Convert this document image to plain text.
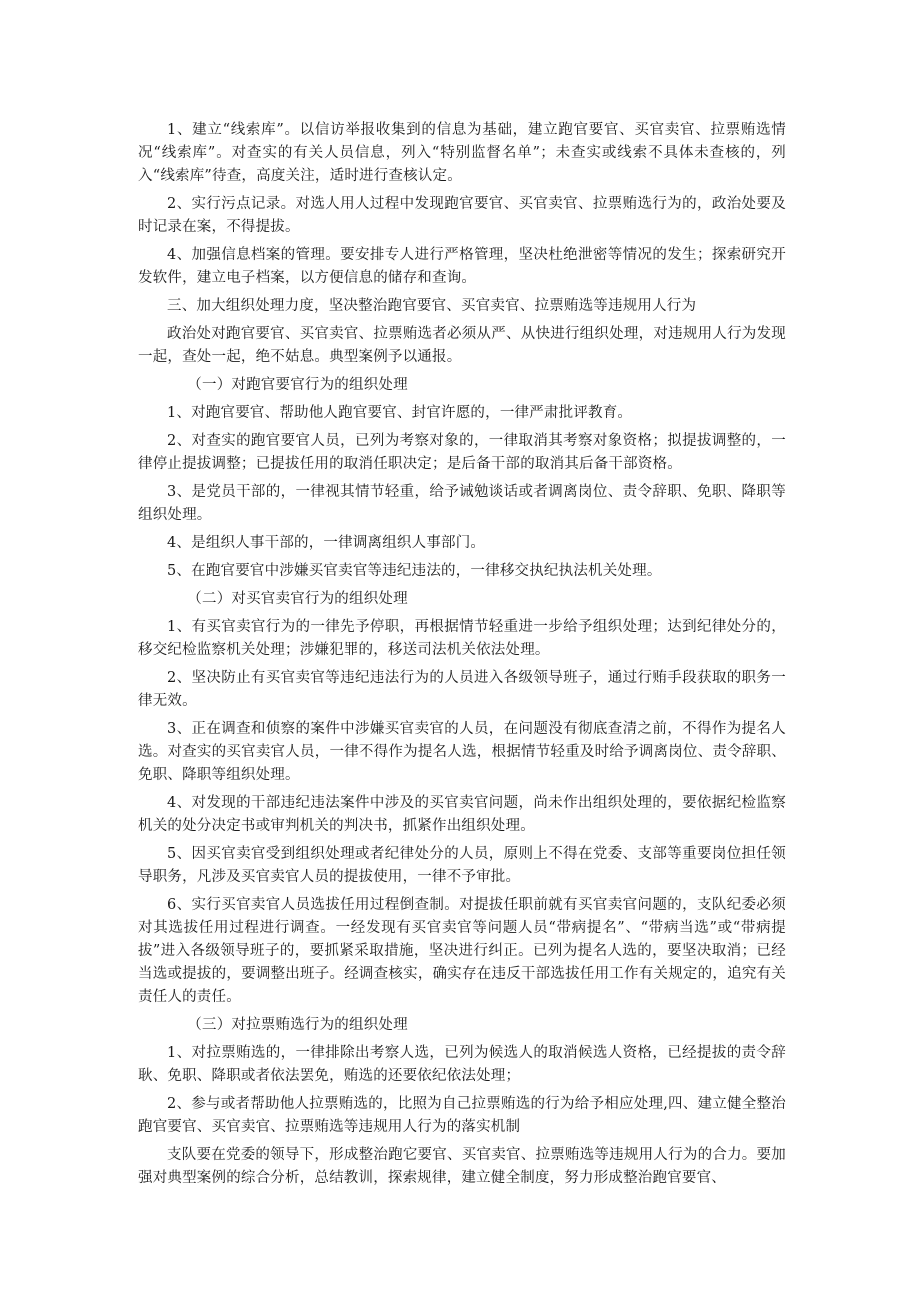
1、建立“线索库”。以信访举报收集到的信息为基础，建立跑官要官、买官卖官、拉票贿选情况“线索库”。对查实的有关人员信息，列入“特别监督名单”；未查实或线索不具体未查核的，列入“线索库”待查，高度关注，适时进行查核认定。

2、实行污点记录。对选人用人过程中发现跑官要官、买官卖官、拉票贿选行为的，政治处要及时记录在案，不得提拔。

4、加强信息档案的管理。要安排专人进行严格管理，坚决杜绝泄密等情况的发生；探索研究开发软件，建立电子档案，以方便信息的储存和查询。

三、加大组织处理力度，坚决整治跑官要官、买官卖官、拉票贿选等违规用人行为

政治处对跑官要官、买官卖官、拉票贿选者必须从严、从快进行组织处理，对违规用人行为发现一起，查处一起，绝不姑息。典型案例予以通报。

（一）对跑官要官行为的组织处理

1、对跑官要官、帮助他人跑官要官、封官许愿的，一律严肃批评教育。

2、对查实的跑官要官人员，已列为考察对象的，一律取消其考察对象资格；拟提拔调整的，一律停止提拔调整；已提拔任用的取消任职决定；是后备干部的取消其后备干部资格。

3、是党员干部的，一律视其情节轻重，给予诫勉谈话或者调离岗位、责令辞职、免职、降职等组织处理。

4、是组织人事干部的，一律调离组织人事部门。

5、在跑官要官中涉嫌买官卖官等违纪违法的，一律移交执纪执法机关处理。

（二）对买官卖官行为的组织处理

1、有买官卖官行为的一律先予停职，再根据情节轻重进一步给予组织处理；达到纪律处分的，移交纪检监察机关处理；涉嫌犯罪的，移送司法机关依法处理。

2、坚决防止有买官卖官等违纪违法行为的人员进入各级领导班子，通过行贿手段获取的职务一律无效。

3、正在调查和侦察的案件中涉嫌买官卖官的人员，在问题没有彻底查清之前，不得作为提名人选。对查实的买官卖官人员，一律不得作为提名人选，根据情节轻重及时给予调离岗位、责令辞职、免职、降职等组织处理。

4、对发现的干部违纪违法案件中涉及的买官卖官问题，尚未作出组织处理的，要依据纪检监察机关的处分决定书或审判机关的判决书，抓紧作出组织处理。

5、因买官卖官受到组织处理或者纪律处分的人员，原则上不得在党委、支部等重要岗位担任领导职务，凡涉及买官卖官人员的提拔使用，一律不予审批。

6、实行买官卖官人员选拔任用过程倒查制。对提拔任职前就有买官卖官问题的，支队纪委必须对其选拔任用过程进行调查。一经发现有买官卖官等问题人员“带病提名”、“带病当选”或“带病提拔”进入各级领导班子的，要抓紧采取措施，坚决进行纠正。已列为提名人选的，要坚决取消；已经当选或提拔的，要调整出班子。经调查核实，确实存在违反干部选拔任用工作有关规定的，追究有关责任人的责任。

（三）对拉票贿选行为的组织处理

1、对拉票贿选的，一律排除出考察人选，已列为候选人的取消候选人资格，已经提拔的责令辞耿、免职、降职或者依法罢免，贿选的还要依纪依法处理；

2、参与或者帮助他人拉票贿选的，比照为自己拉票贿选的行为给予相应处理,四、建立健全整治跑官要官、买官卖官、拉票贿选等违规用人行为的落实机制

支队要在党委的领导下，形成整治跑它要官、买官卖官、拉票贿选等违规用人行为的合力。要加强对典型案例的综合分析，总结教训，探索规律，建立健全制度，努力形成整治跑官要官、
